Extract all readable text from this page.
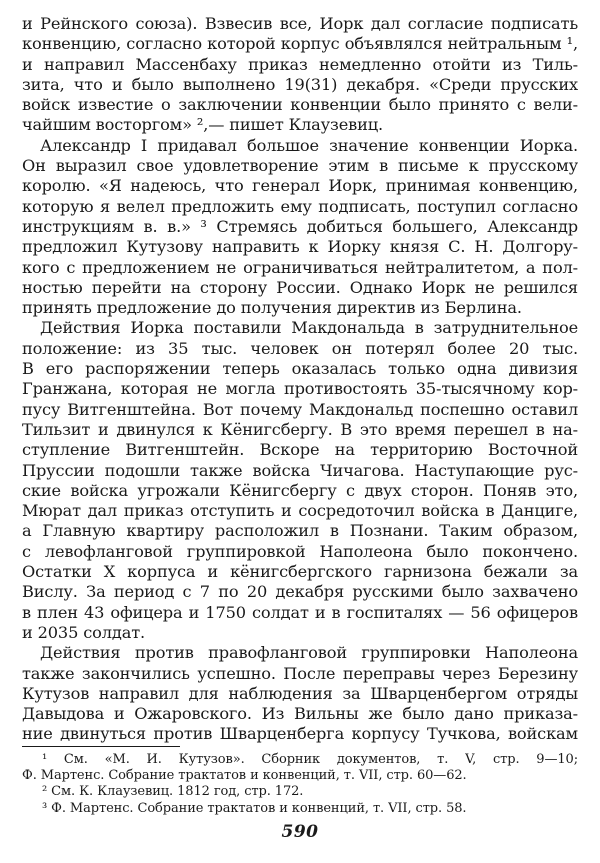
и Рейнского союза). Взвесив все, Иорк дал согласие подписать
конвенцию, согласно которой корпус объявлялся нейтральным ¹,
и направил Массенбаху приказ немедленно отойти из Тиль-
зита, что и было выполнено 19(31) декабря. «Среди прусских
войск известие о заключении конвенции было принято с вели-
чайшим восторгом» ²,— пишет Клаузевиц.
Александр I придавал большое значение конвенции Иорка.
Он выразил свое удовлетворение этим в письме к прусскому
королю. «Я надеюсь, что генерал Иорк, принимая конвенцию,
которую я велел предложить ему подписать, поступил согласно
инструкциям в. в.» ³ Стремясь добиться большего, Александр
предложил Кутузову направить к Иорку князя С. Н. Долгору-
кого с предложением не ограничиваться нейтралитетом, а пол-
ностью перейти на сторону России. Однако Иорк не решился
принять предложение до получения директив из Берлина.
Действия Иорка поставили Макдональда в затруднительное
положение: из 35 тыс. человек он потерял более 20 тыс.
В его распоряжении теперь оказалась только одна дивизия
Гранжана, которая не могла противостоять 35-тысячному кор-
пусу Витгенштейна. Вот почему Макдональд поспешно оставил
Тильзит и двинулся к Кёнигсбергу. В это время перешел в на-
ступление Витгенштейн. Вскоре на территорию Восточной
Пруссии подошли также войска Чичагова. Наступающие рус-
ские войска угрожали Кёнигсбергу с двух сторон. Поняв это,
Мюрат дал приказ отступить и сосредоточил войска в Данциге,
а Главную квартиру расположил в Познани. Таким образом,
с левофланговой группировкой Наполеона было покончено.
Остатки X корпуса и кёнигсбергского гарнизона бежали за
Вислу. За период с 7 по 20 декабря русскими было захвачено
в плен 43 офицера и 1750 солдат и в госпиталях — 56 офицеров
и 2035 солдат.
Действия против правофланговой группировки Наполеона
также закончились успешно. После переправы через Березину
Кутузов направил для наблюдения за Шварценбергом отряды
Давыдова и Ожаровского. Из Вильны же было дано приказа-
ние двинуться против Шварценберга корпусу Тучкова, войскам
¹ См. «М. И. Кутузов». Сборник документов, т. V, стр. 9—10;
Ф. Мартенс. Собрание трактатов и конвенций, т. VII, стр. 60—62.
² См. К. Клаузевиц. 1812 год, стр. 172.
³ Ф. Мартенс. Собрание трактатов и конвенций, т. VII, стр. 58.
590
